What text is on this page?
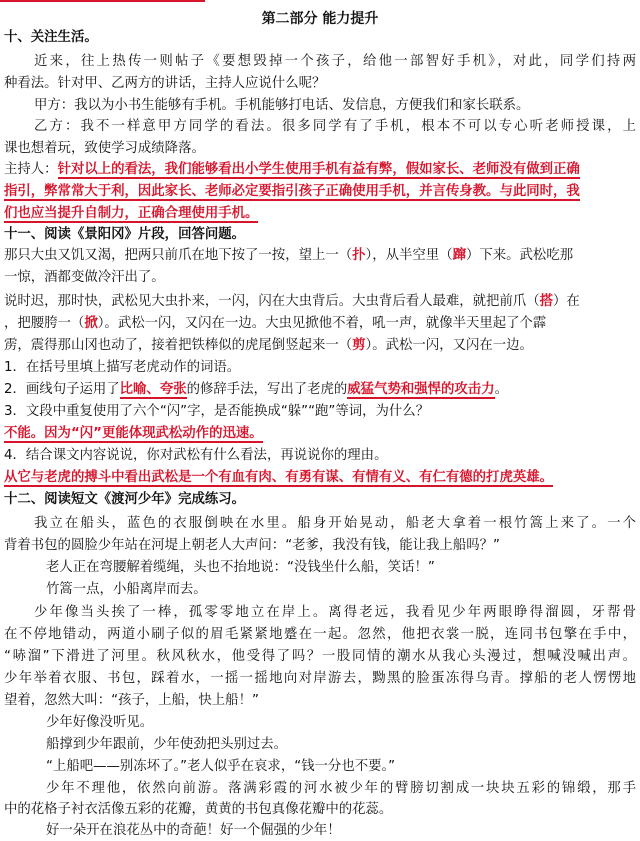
第二部分 能力提升
十、关注生活。
近来，往上热传一则帖子《要想毁掉一个孩子，给他一部智好手机》，对此，同学们持两
种看法。针对甲、乙两方的讲话，主持人应说什么呢？
甲方：我以为小书生能够有手机。手机能够打电话、发信息，方便我们和家长联系。
乙方：我不一样意甲方同学的看法。很多同学有了手机，根本不可以专心听老师授课，上
课也想着玩，致使学习成绩降落。
主持人：针对以上的看法，我们能够看出小学生使用手机有益有弊，假如家长、老师没有做到正确
指引，弊常常大于利，因此家长、老师必定要指引孩子正确使用手机，并言传身教。与此同时，我
们也应当提升自制力，正确合理使用手机。
十一、阅读《景阳冈》片段，回答问题。
那只大虫又饥又渴，把两只前爪在地下按了一按，望上一（扑），从半空里（蹿）下来。武松吃那
一惊，酒都变做冷汗出了。
说时迟，那时快，武松见大虫扑来，一闪，闪在大虫背后。大虫背后看人最难，就把前爪（搭）在
，把腰胯一（掀）。武松一闪，又闪在一边。大虫见掀他不着，吼一声，就像半天里起了个霹
雳，震得那山冈也动了，接着把铁棒似的虎尾倒竖起来一（剪）。武松一闪，又闪在一边。
1．在括号里填上描写老虎动作的词语。
2．画线句子运用了比喻、夸张的修辞手法，写出了老虎的威猛气势和强悍的攻击力。
3．文段中重复使用了六个“闪”字，是否能换成“躲”“跑”等词，为什么？
不能。因为“闪”更能体现武松动作的迅速。
4．结合课文内容说说，你对武松有什么看法，再说说你的理由。
从它与老虎的搏斗中看出武松是一个有血有肉、有勇有谋、有情有义、有仁有德的打虎英雄。
十二、阅读短文《渡河少年》完成练习。
我立在船头，蓝色的衣服倒映在水里。船身开始晃动，船老大拿着一根竹篙上来了。一个
背着书包的圆脸少年站在河堤上朝老人大声问：“老爹，我没有钱，能让我上船吗？”
老人正在弯腰解着缆绳，头也不抬地说：“没钱坐什么船，笑话！”
竹篙一点，小船离岸而去。
少年像当头挨了一棒，孤零零地立在岸上。离得老远，我看见少年两眼睁得溜圆，牙帮骨
在不停地错动，两道小刷子似的眉毛紧紧地蹙在一起。忽然，他把衣裳一脱，连同书包擎在手中，
“哧溜”下滑进了河里。秋风秋水，他受得了吗？一股同情的潮水从我心头漫过，想喊没喊出声。
少年举着衣服、书包，踩着水，一摇一摇地向对岸游去，黝黑的脸蛋冻得乌青。撑船的老人愣愣地
望着，忽然大叫：“孩子，上船，快上船！”
少年好像没听见。
船撑到少年跟前，少年使劲把头别过去。
“上船吧——别冻坏了。”老人似乎在哀求，“钱一分也不要。”
少年不理他，依然向前游。落满彩霞的河水被少年的臂膀切割成一块块五彩的锦缎，那手
中的花格子衬衣活像五彩的花瓣，黄黄的书包真像花瓣中的花蕊。
好一朵开在浪花丛中的奇葩！好一个倔强的少年！
